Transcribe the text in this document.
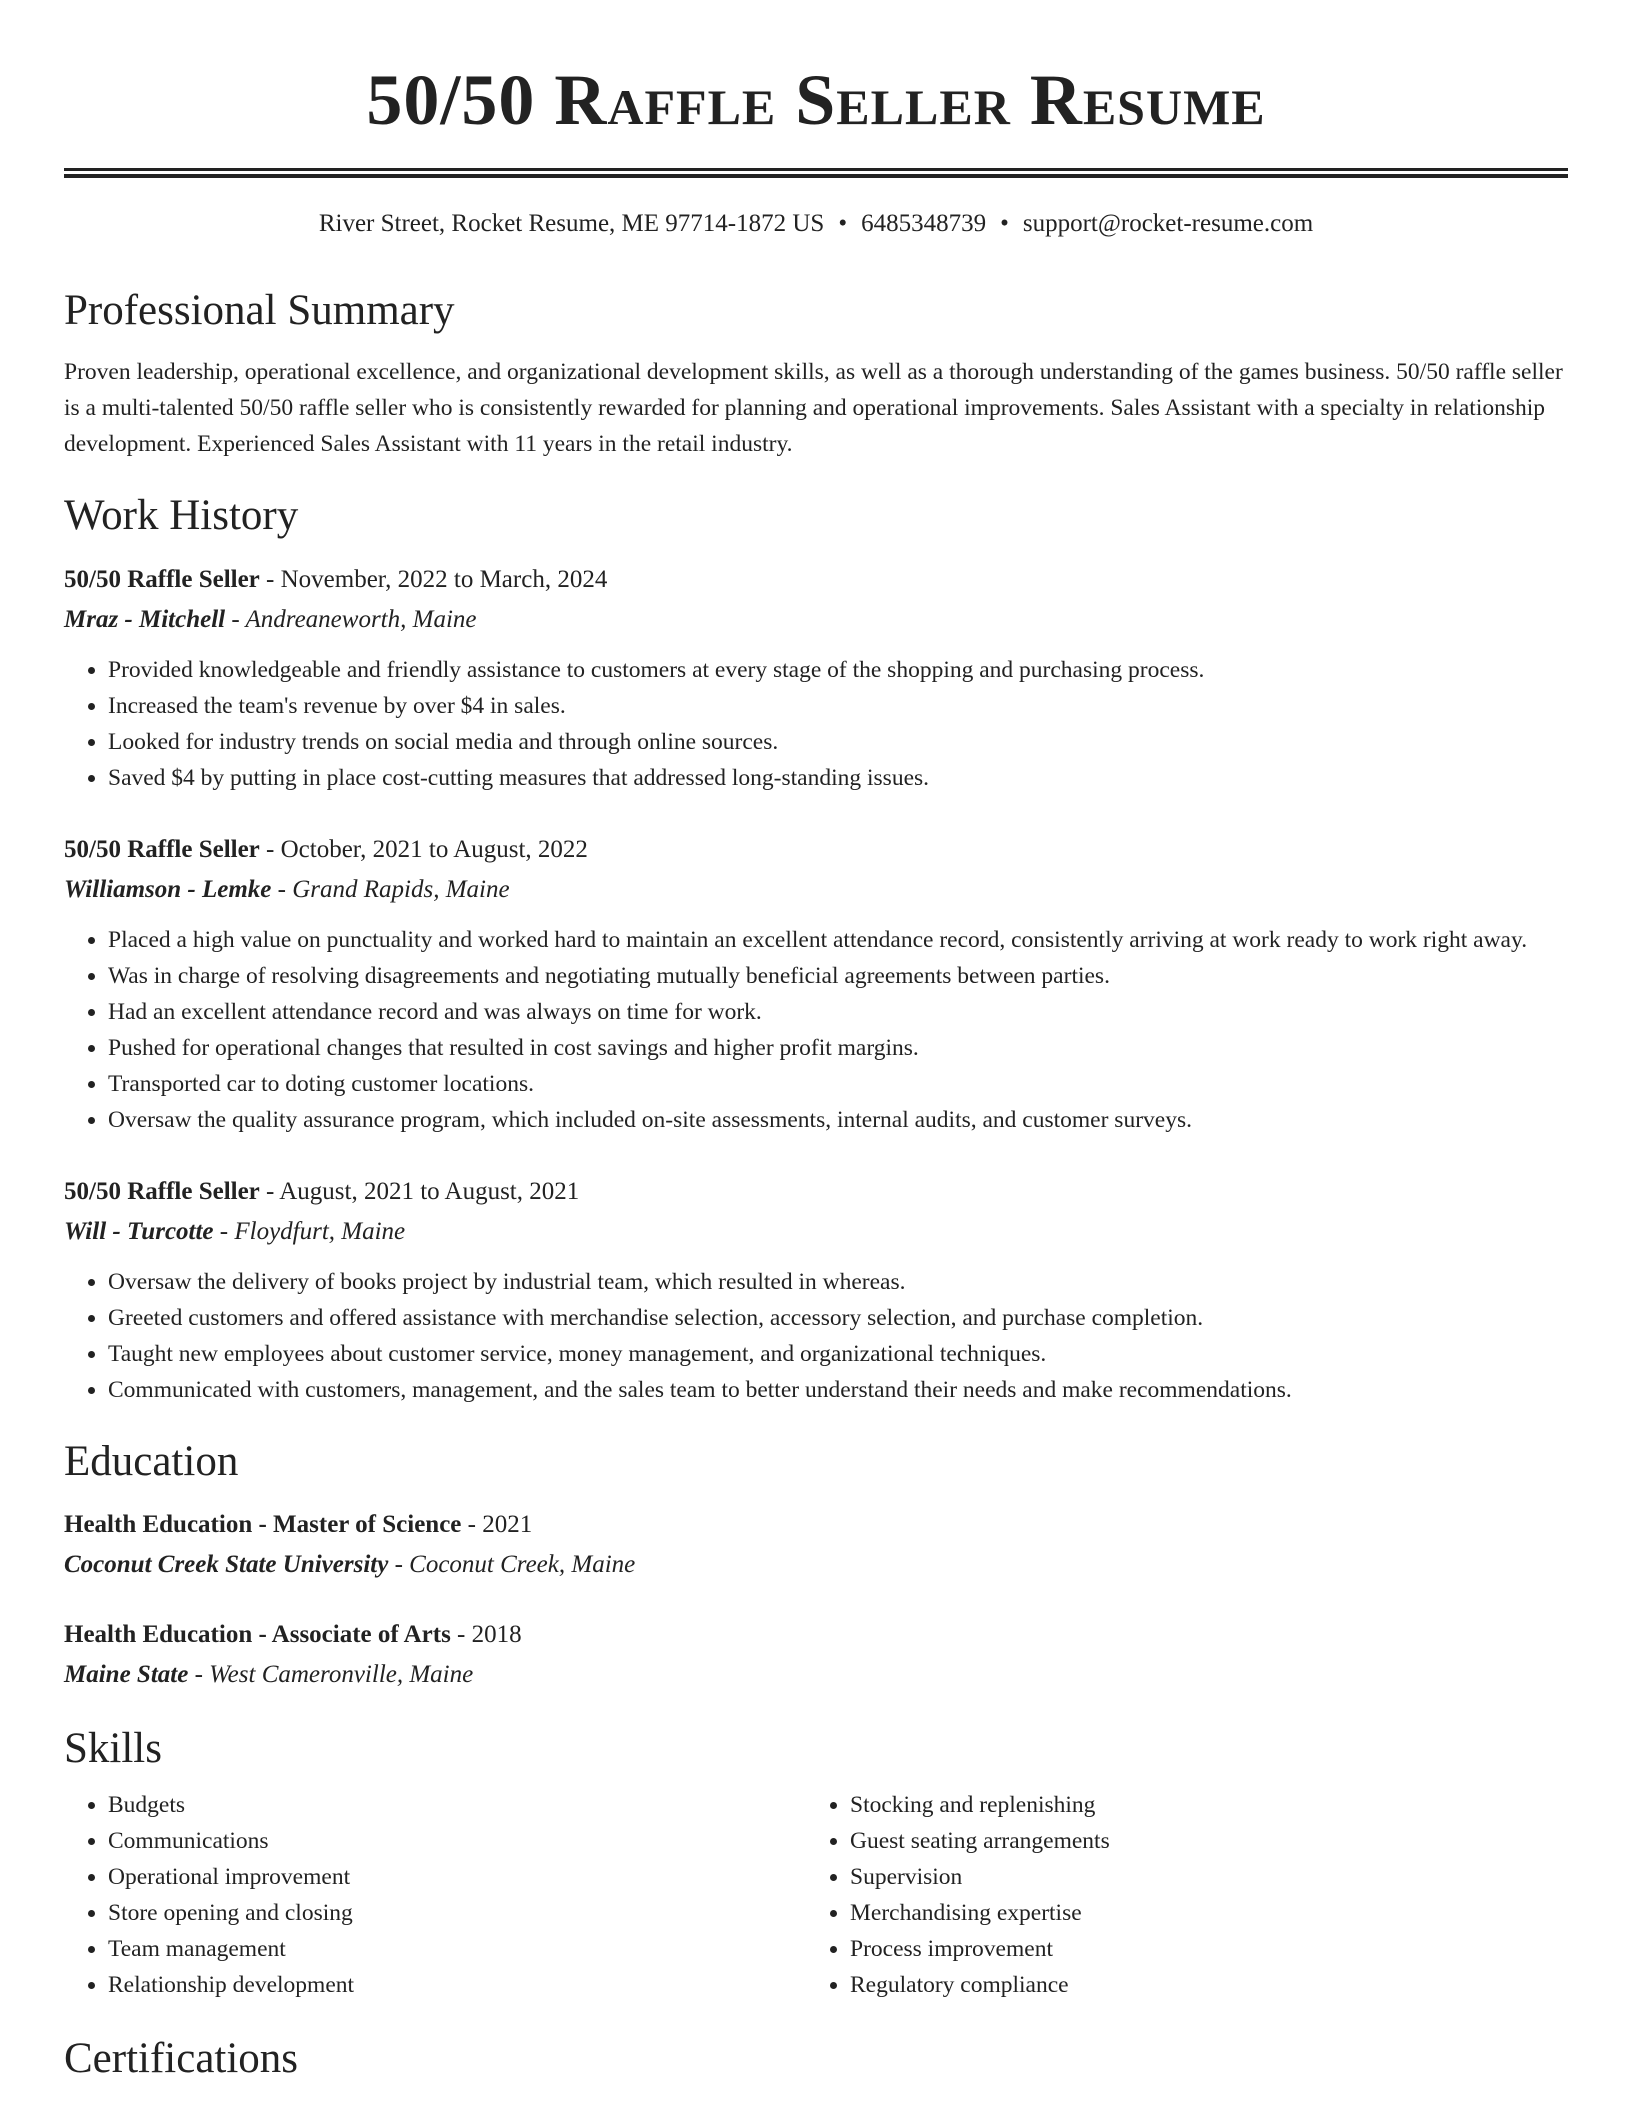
50/50 Raffle Seller Resume
River Street, Rocket Resume, ME 97714-1872 US • 6485348739 • support@rocket-resume.com
Professional Summary
Proven leadership, operational excellence, and organizational development skills, as well as a thorough understanding of the games business. 50/50 raffle seller is a multi-talented 50/50 raffle seller who is consistently rewarded for planning and operational improvements. Sales Assistant with a specialty in relationship development. Experienced Sales Assistant with 11 years in the retail industry.
Work History
50/50 Raffle Seller - November, 2022 to March, 2024
Mraz - Mitchell - Andreaneworth, Maine
• Provided knowledgeable and friendly assistance to customers at every stage of the shopping and purchasing process.
• Increased the team's revenue by over $4 in sales.
• Looked for industry trends on social media and through online sources.
• Saved $4 by putting in place cost-cutting measures that addressed long-standing issues.
50/50 Raffle Seller - October, 2021 to August, 2022
Williamson - Lemke - Grand Rapids, Maine
• Placed a high value on punctuality and worked hard to maintain an excellent attendance record, consistently arriving at work ready to work right away.
• Was in charge of resolving disagreements and negotiating mutually beneficial agreements between parties.
• Had an excellent attendance record and was always on time for work.
• Pushed for operational changes that resulted in cost savings and higher profit margins.
• Transported car to doting customer locations.
• Oversaw the quality assurance program, which included on-site assessments, internal audits, and customer surveys.
50/50 Raffle Seller - August, 2021 to August, 2021
Will - Turcotte - Floydfurt, Maine
• Oversaw the delivery of books project by industrial team, which resulted in whereas.
• Greeted customers and offered assistance with merchandise selection, accessory selection, and purchase completion.
• Taught new employees about customer service, money management, and organizational techniques.
• Communicated with customers, management, and the sales team to better understand their needs and make recommendations.
Education
Health Education - Master of Science - 2021
Coconut Creek State University - Coconut Creek, Maine
Health Education - Associate of Arts - 2018
Maine State - West Cameronville, Maine
Skills
• Budgets
• Communications
• Operational improvement
• Store opening and closing
• Team management
• Relationship development
• Stocking and replenishing
• Guest seating arrangements
• Supervision
• Merchandising expertise
• Process improvement
• Regulatory compliance
Certifications
